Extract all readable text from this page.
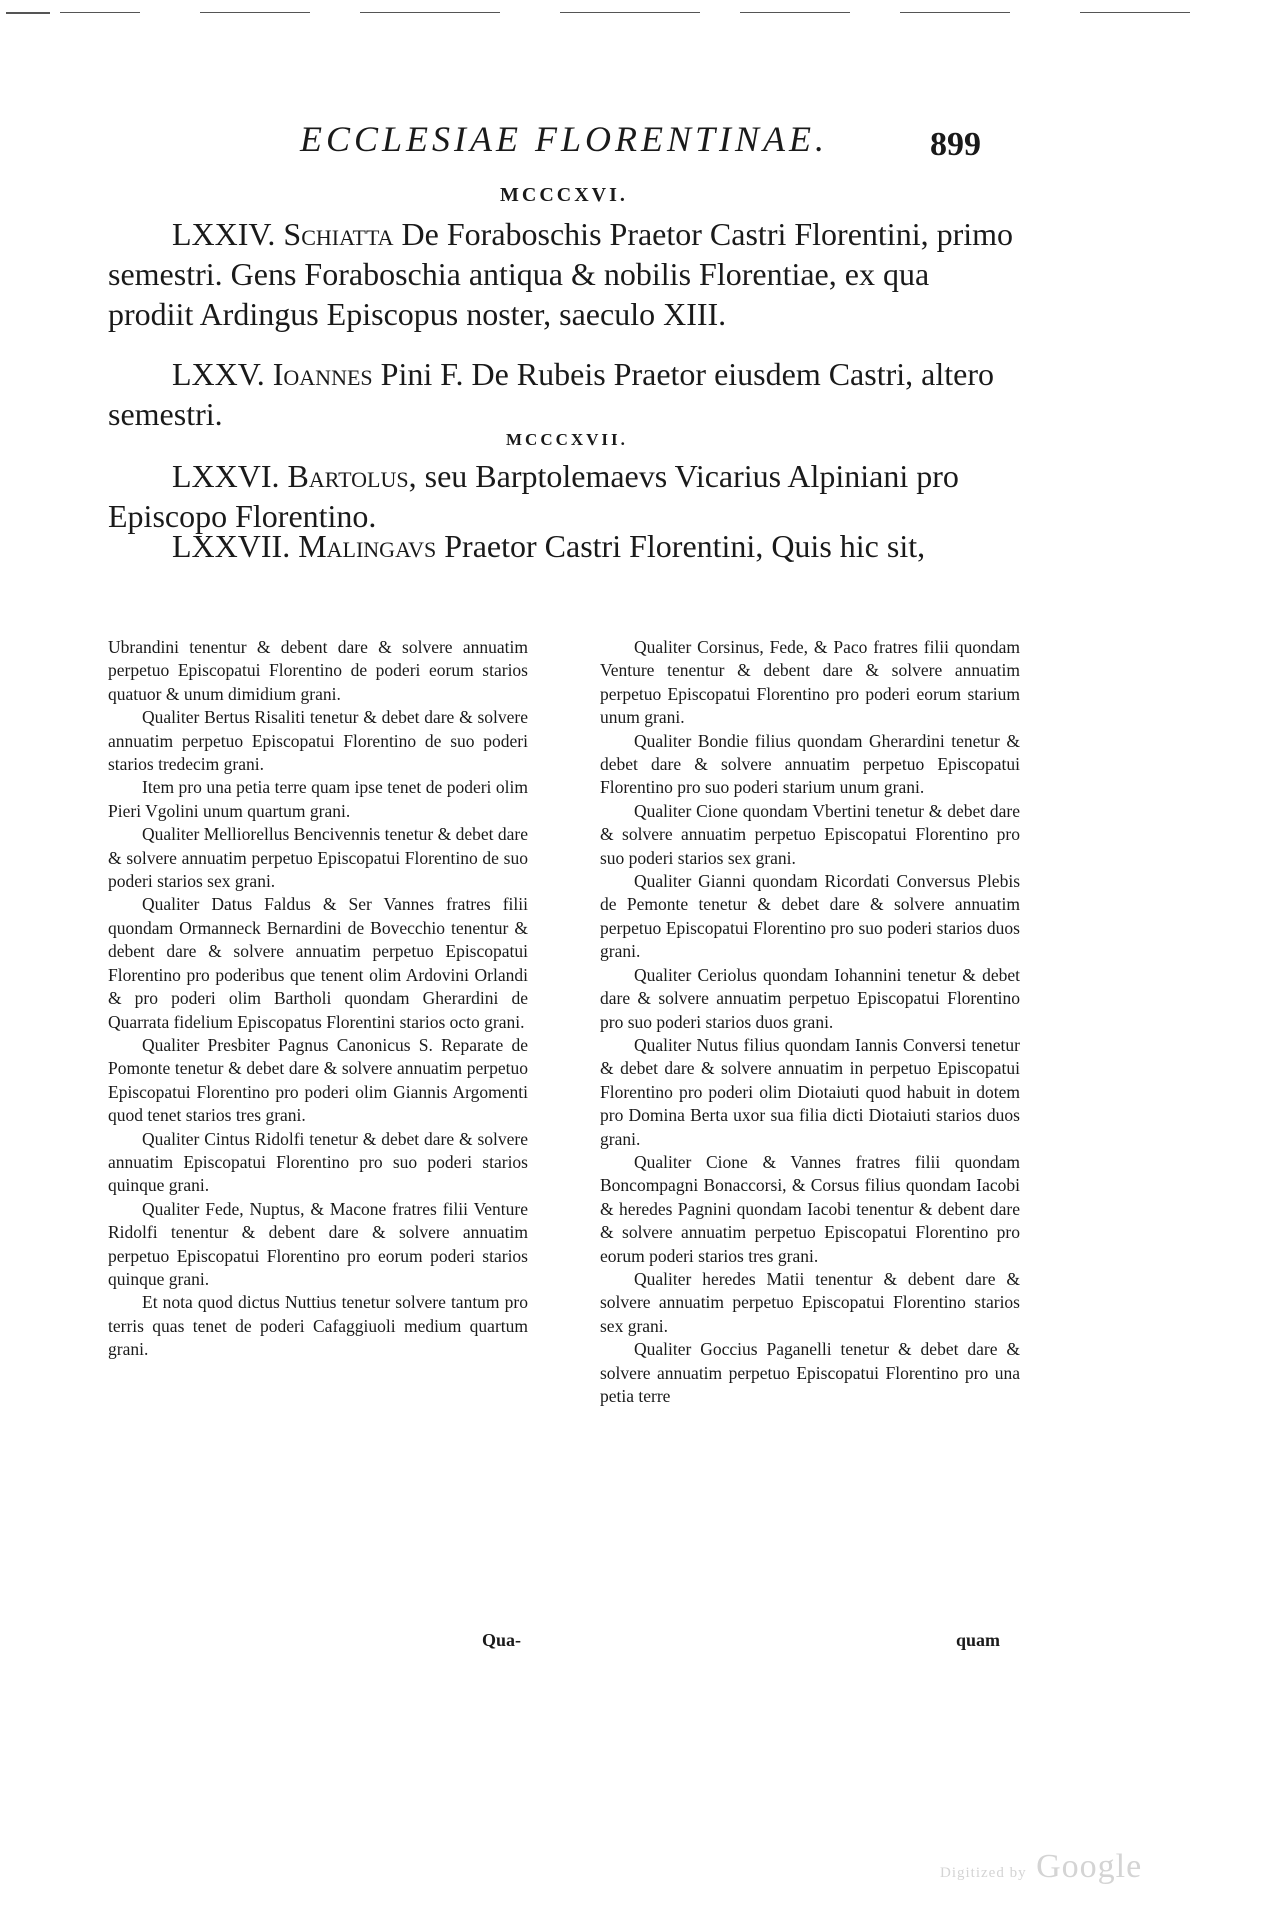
ECCLESIAE FLORENTINAE.	899
MCCCXVI.
LXXIV. Schiatta De Foraboschis Praetor Castri Florentini, primo semestri. Gens Foraboschia antiqua & nobilis Florentiae, ex qua prodiit Ardingus Episcopus noster, saeculo XIII.
LXXV. Ioannes Pini F. De Rubeis Praetor eiusdem Castri, altero semestri.
MCCCXVII.
LXXVI. Bartolus, seu Barptolemaevs Vicarius Alpiniani pro Episcopo Florentino.
LXXVII. Malingavs Praetor Castri Florentini, Quis hic sit,

Ubrandini tenentur & debent dare & solvere annuatim perpetuo Episcopatui Florentino de poderi eorum starios quatuor & unum dimidium grani.

Qualiter Bertus Risaliti tenetur & debet dare & solvere annuatim perpetuo Episcopatui Florentino de suo poderi starios tredecim grani.

Item pro una petia terre quam ipse tenet de poderi olim Pieri Vgolini unum quartum grani.

Qualiter Melliorellus Bencivennis tenetur & debet dare & solvere annuatim perpetuo Episcopatui Florentino de suo poderi starios sex grani.

Qualiter Datus Faldus & Ser Vannes fratres filii quondam Ormanneck Bernardini de Bovecchio tenentur & debent dare & solvere annuatim perpetuo Episcopatui Florentino pro poderibus que tenent olim Ardovini Orlandi & pro poderi olim Bartholi quondam Gherardini de Quarrata fidelium Episcopatus Florentini starios octo grani.

Qualiter Presbiter Pagnus Canonicus S. Reparate de Pomonte tenetur & debet dare & solvere annuatim perpetuo Episcopatui Florentino pro poderi olim Giannis Argomenti quod tenet starios tres grani.

Qualiter Cintus Ridolfi tenetur & debet dare & solvere annuatim Episcopatui Florentino pro suo poderi starios quinque grani.

Qualiter Fede, Nuptus, & Macone fratres filii Venture Ridolfi tenentur & debent dare & solvere annuatim perpetuo Episcopatui Florentino pro eorum poderi starios quinque grani.

Et nota quod dictus Nuttius tenetur solvere tantum pro terris quas tenet de poderi Cafaggiuoli medium quartum grani.

Qualiter Corsinus, Fede, & Paco fratres filii quondam Venture tenentur & debent dare & solvere annuatim perpetuo Episcopatui Florentino pro poderi eorum starium unum grani.

Qualiter Bondie filius quondam Gherardini tenetur & debet dare & solvere annuatim perpetuo Episcopatui Florentino pro suo poderi starium unum grani.

Qualiter Cione quondam Vbertini tenetur & debet dare & solvere annuatim perpetuo Episcopatui Florentino pro suo poderi starios sex grani.

Qualiter Gianni quondam Ricordati Conversus Plebis de Pemonte tenetur & debet dare & solvere annuatim perpetuo Episcopatui Florentino pro suo poderi starios duos grani.

Qualiter Ceriolus quondam Iohannini tenetur & debet dare & solvere annuatim perpetuo Episcopatui Florentino pro suo poderi starios duos grani.

Qualiter Nutus filius quondam Iannis Conversi tenetur & debet dare & solvere annuatim in perpetuo Episcopatui Florentino pro poderi olim Diotaiuti quod habuit in dotem pro Domina Berta uxor sua filia dicti Diotaiuti starios duos grani.

Qualiter Cione & Vannes fratres filii quondam Boncompagni Bonaccorsi, & Corsus filius quondam Iacobi & heredes Pagnini quondam Iacobi tenentur & debent dare & solvere annuatim perpetuo Episcopatui Florentino pro eorum poderi starios tres grani.

Qualiter heredes Matii tenentur & debent dare & solvere annuatim perpetuo Episcopatui Florentino starios sex grani.

Qualiter Goccius Paganelli tenetur & debet dare & solvere annuatim perpetuo Episcopatui Florentino pro una petia terre

Qua-	quam
Digitized by Google
